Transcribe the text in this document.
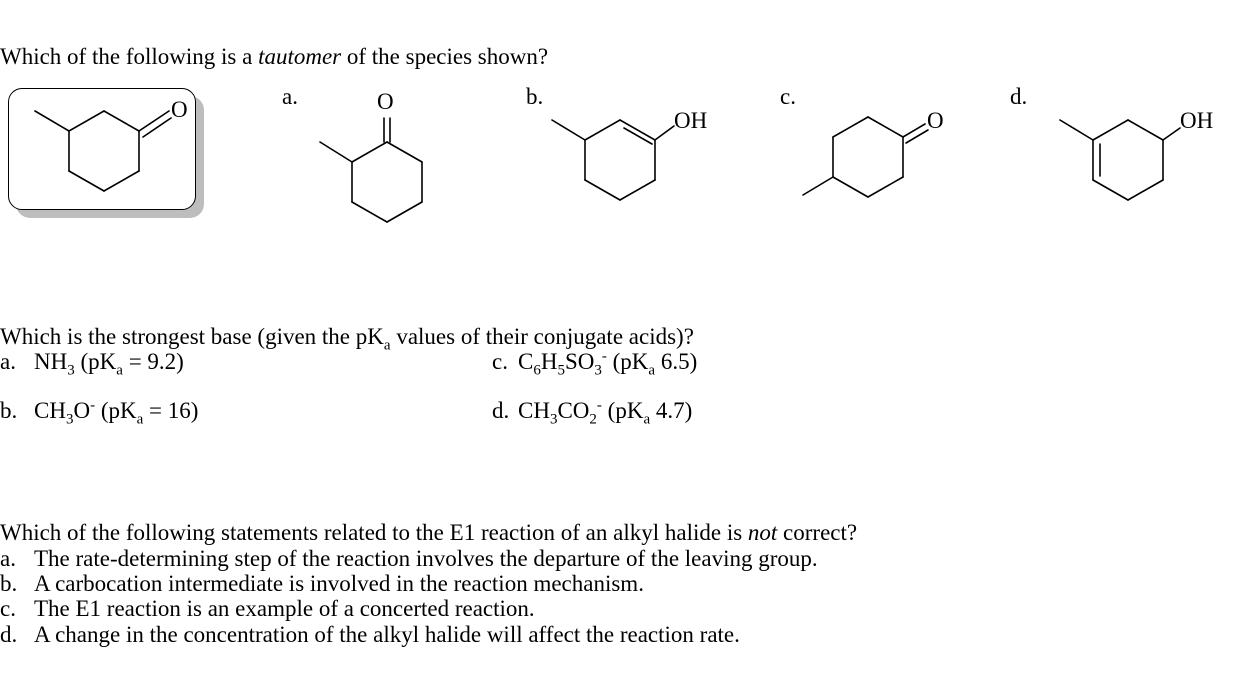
Which of the following is a tautomer of the species shown?
O
a.	O	b.
OH
c.
O
d.
OH
Which is the strongest base (given the $pK_a$ values of their conjugate acids)?
a. $NH_3$ $(pK_a = 9.2)$	c. $C_6H_5SO_3^-$ ($pK_a$ 6.5)
b. $CH_3O^-$ $(pK_a = 16)$	d. $CH_3CO_2^-$ ($pK_a$ 4.7)
Which of the following statements related to the E1 reaction of an alkyl halide is not correct?
a. The rate-determining step of the reaction involves the departure of the leaving group.
b. A carbocation intermediate is involved in the reaction mechanism.
c. The E1 reaction is an example of a concerted reaction.
d. A change in the concentration of the alkyl halide will affect the reaction rate.
